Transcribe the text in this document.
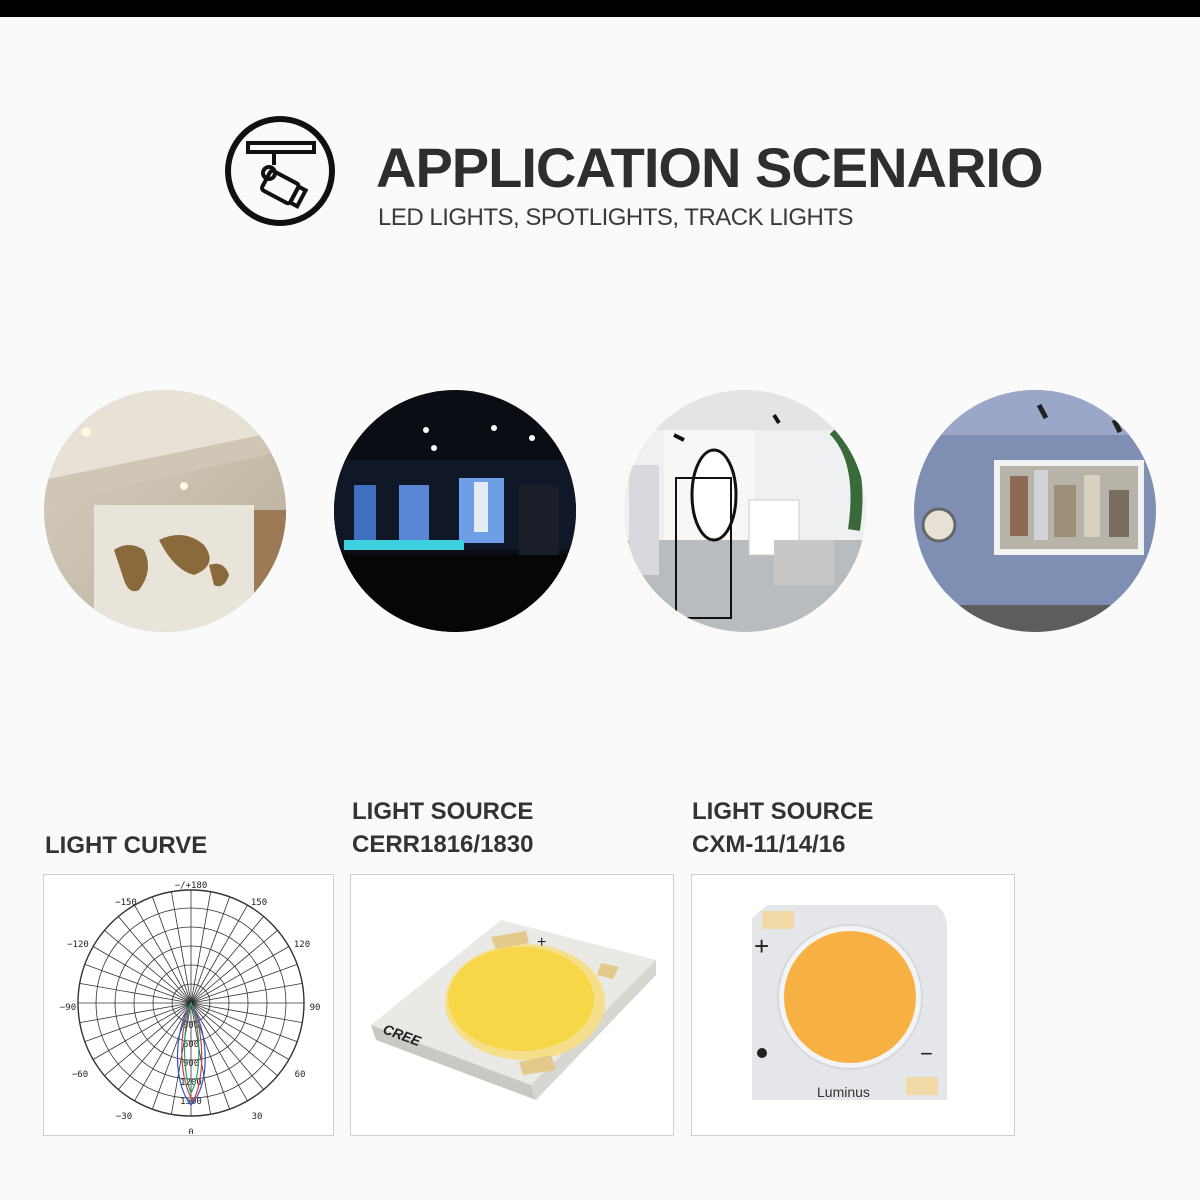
APPLICATION SCENARIO
LED LIGHTS, SPOTLIGHTS, TRACK LIGHTS
LIGHT CURVE
LIGHT SOURCE
CERR1816/1830
LIGHT SOURCE
CXM-11/14/16
−/+180
−150	150
−120	120
−90	90
−60	60
−30	30
0
0
300
600
900
1200
1500
CREE
+	+
−
Luminus
